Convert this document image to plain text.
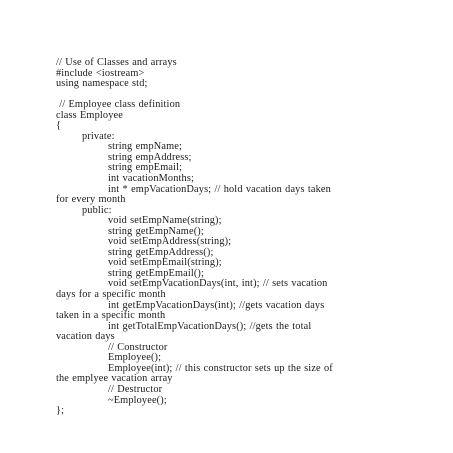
// Use of Classes and arrays
#include <iostream>
using namespace std;
// Employee class definition
class Employee
{
private:
string empName;
string empAddress;
string empEmail;
int vacationMonths;
int * empVacationDays; // hold vacation days taken
for every month
public:
void setEmpName(string);
string getEmpName();
void setEmpAddress(string);
string getEmpAddress();
void setEmpEmail(string);
string getEmpEmail();
void setEmpVacationDays(int, int); // sets vacation
days for a specific month
int getEmpVacationDays(int); //gets vacation days
taken in a specific month
int getTotalEmpVacationDays(); //gets the total
vacation days
// Constructor
Employee();
Employee(int); // this constructor sets up the size of
the emplyee vacation array
// Destructor
~Employee();
};
